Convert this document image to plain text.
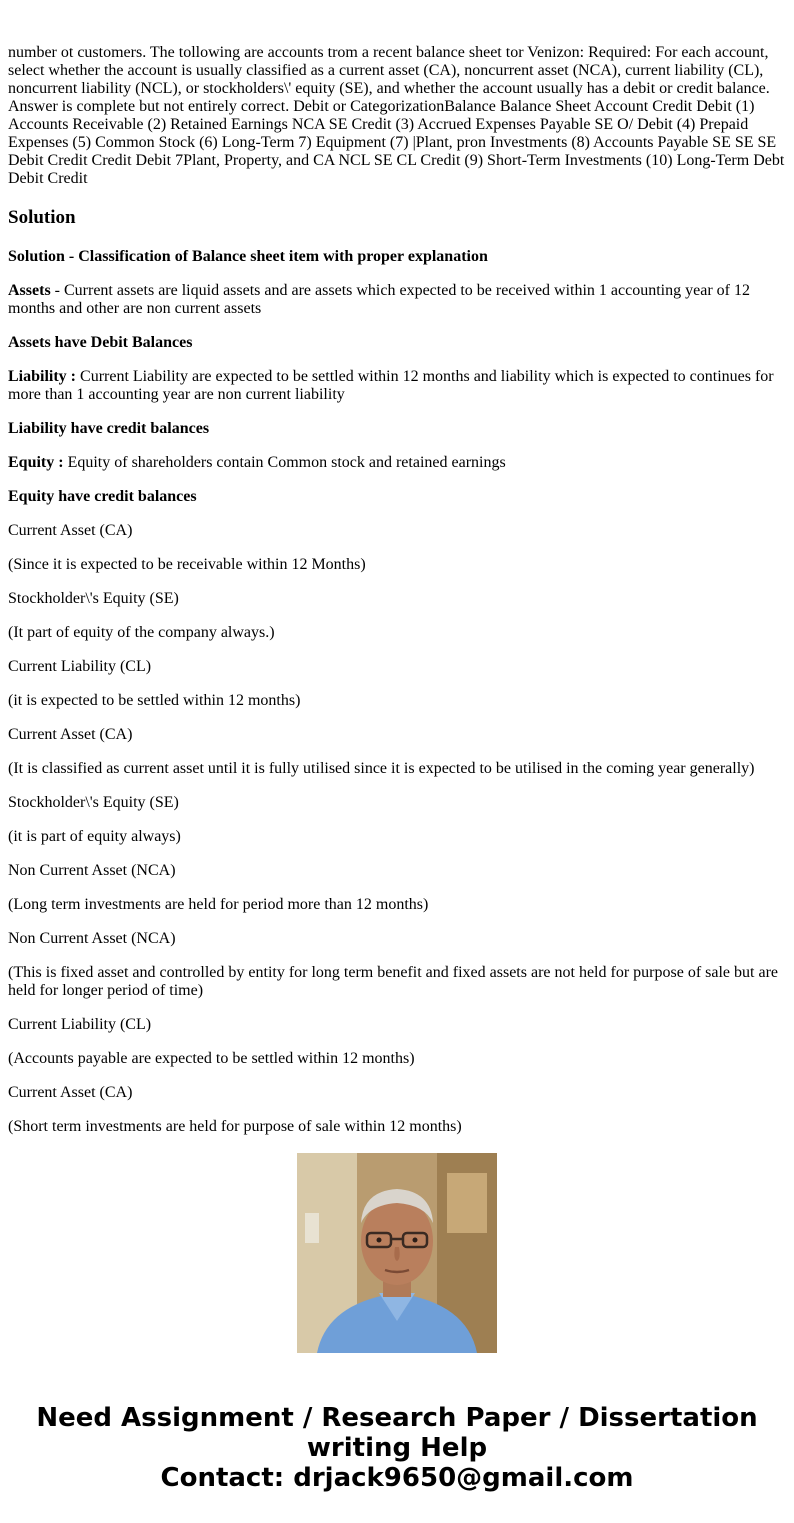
number ot customers. The tollowing are accounts trom a recent balance sheet tor Venizon: Required: For each account, select whether the account is usually classified as a current asset (CA), noncurrent asset (NCA), current liability (CL), noncurrent liability (NCL), or stockholders\' equity (SE), and whether the account usually has a debit or credit balance. Answer is complete but not entirely correct. Debit or CategorizationBalance Balance Sheet Account Credit Debit (1) Accounts Receivable (2) Retained Earnings NCA SE Credit (3) Accrued Expenses Payable SE O/ Debit (4) Prepaid Expenses (5) Common Stock (6) Long-Term 7) Equipment (7) |Plant, pron Investments (8) Accounts Payable SE SE SE Debit Credit Credit Debit 7Plant, Property, and CA NCL SE CL Credit (9) Short-Term Investments (10) Long-Term Debt Debit Credit

Solution

Solution - Classification of Balance sheet item with proper explanation

Assets - Current assets are liquid assets and are assets which expected to be received within 1 accounting year of 12 months and other are non current assets

Assets have Debit Balances

Liability : Current Liability are expected to be settled within 12 months and liability which is expected to continues for more than 1 accounting year are non current liability

Liability have credit balances

Equity : Equity of shareholders contain Common stock and retained earnings

Equity have credit balances

Current Asset (CA)

(Since it is expected to be receivable within 12 Months)

Stockholder\'s Equity (SE)

(It part of equity of the company always.)

Current Liability (CL)

(it is expected to be settled within 12 months)

Current Asset (CA)

(It is classified as current asset until it is fully utilised since it is expected to be utilised in the coming year generally)

Stockholder\'s Equity (SE)

(it is part of equity always)

Non Current Asset (NCA)

(Long term investments are held for period more than 12 months)

Non Current Asset (NCA)

(This is fixed asset and controlled by entity for long term benefit and fixed assets are not held for purpose of sale but are held for longer period of time)

Current Liability (CL)

(Accounts payable are expected to be settled within 12 months)

Current Asset (CA)

(Short term investments are held for purpose of sale within 12 months)

Need Assignment / Research Paper / Dissertation
writing Help
Contact: drjack9650@gmail.com
